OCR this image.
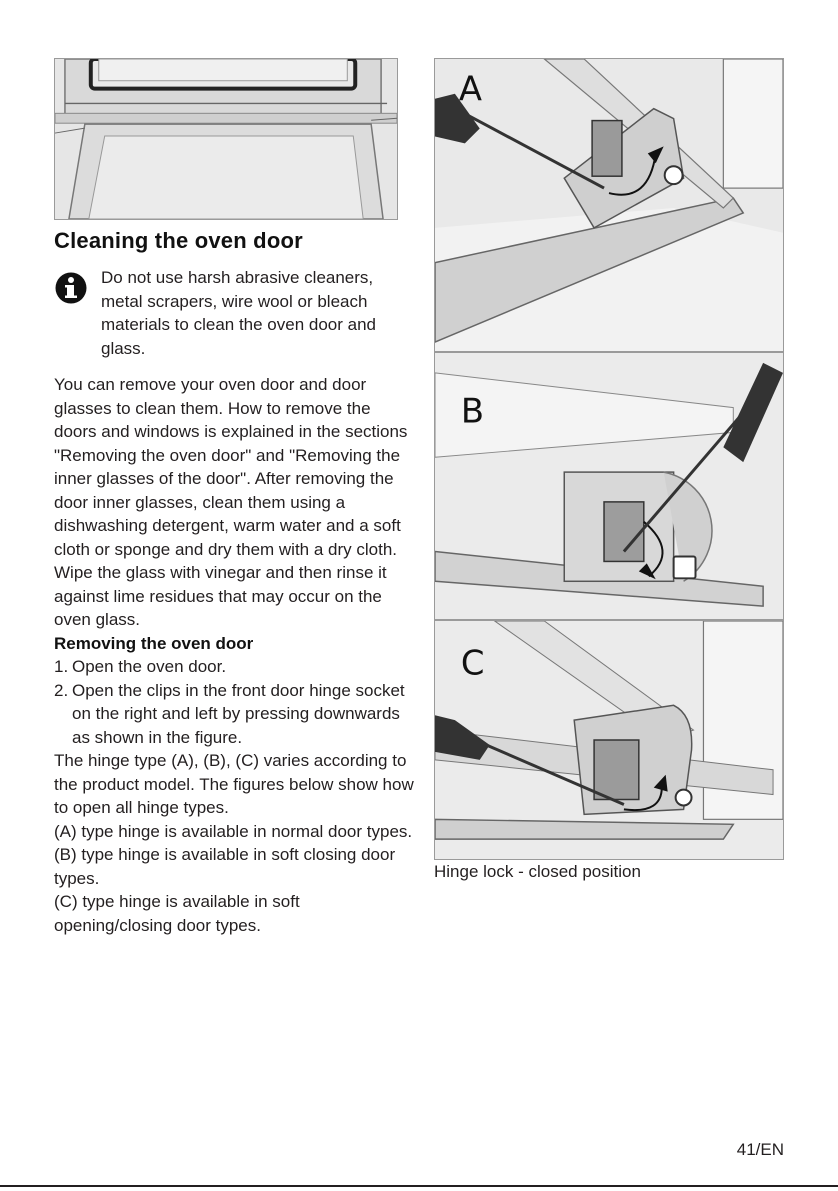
Cleaning the oven door
Do not use harsh abrasive cleaners, metal scrapers, wire wool or bleach materials to clean the oven door and glass.

You can remove your oven door and door glasses to clean them. How to remove the doors and windows is explained in the sections "Removing the oven door" and "Removing the inner glasses of the door". After removing the door inner glasses, clean them using a dishwashing detergent, warm water and a soft cloth or sponge and dry them with a dry cloth. Wipe the glass with vinegar and then rinse it against lime residues that may occur on the oven glass.

Removing the oven door
1. Open the oven door.
2. Open the clips in the front door hinge socket on the right and left by pressing downwards as shown in the figure.

The hinge type (A), (B), (C) varies according to the product model. The figures below show how to open all hinge types.

(A) type hinge is available in normal door types.

(B) type hinge is available in soft closing door types.

(C) type hinge is available in soft opening/closing door types.

A
B
C
Hinge lock - closed position
41/EN
